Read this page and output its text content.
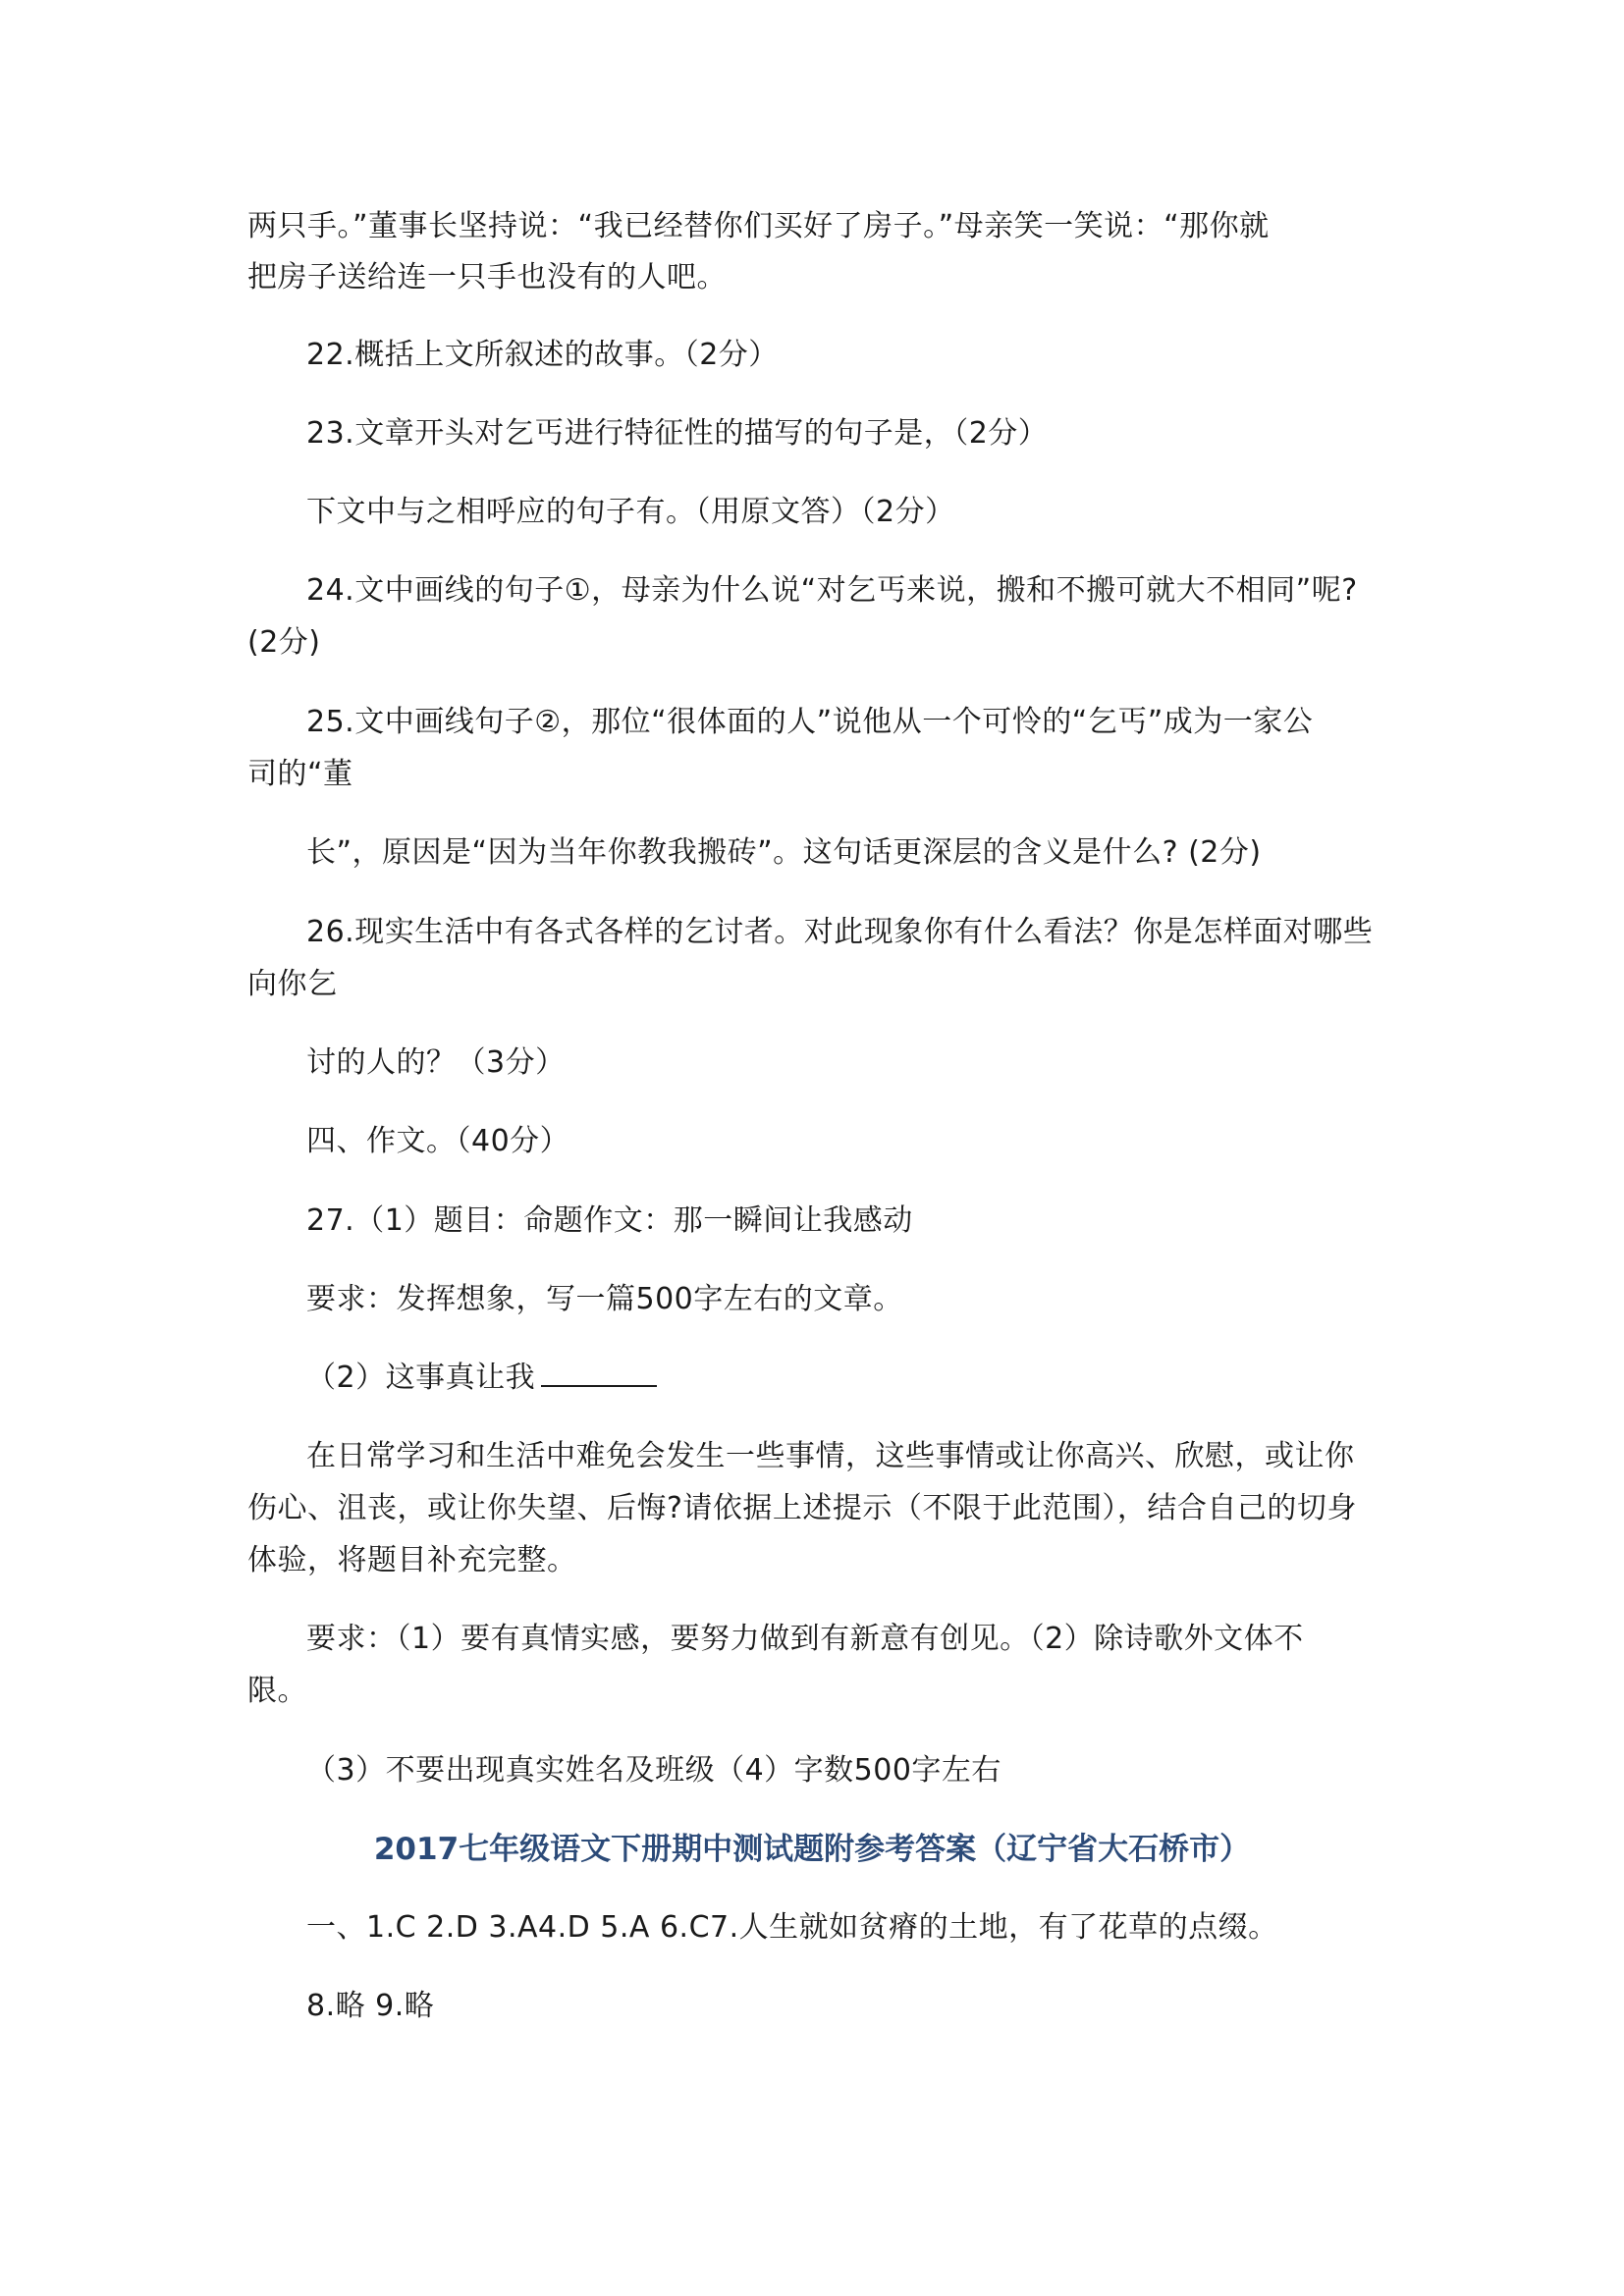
两只手。”董事长坚持说：“我已经替你们买好了房子。”母亲笑一笑说：“那你就
把房子送给连一只手也没有的人吧。
22.概括上文所叙述的故事。（2分）
23.文章开头对乞丐进行特征性的描写的句子是，（2分）
下文中与之相呼应的句子有。（用原文答）（2分）
24.文中画线的句子①，母亲为什么说“对乞丐来说，搬和不搬可就大不相同”呢?
(2分)
25.文中画线句子②，那位“很体面的人”说他从一个可怜的“乞丐”成为一家公
司的“董
长”，原因是“因为当年你教我搬砖”。这句话更深层的含义是什么? (2分)
26.现实生活中有各式各样的乞讨者。对此现象你有什么看法？你是怎样面对哪些
向你乞
讨的人的？（3分）
四、作文。（40分）
27.（1）题目：命题作文：那一瞬间让我感动
要求：发挥想象，写一篇500字左右的文章。
（2）这事真让我
在日常学习和生活中难免会发生一些事情，这些事情或让你高兴、欣慰，或让你
伤心、沮丧，或让你失望、后悔?请依据上述提示（不限于此范围），结合自己的切身
体验，将题目补充完整。
要求：（1）要有真情实感，要努力做到有新意有创见。（2）除诗歌外文体不
限。
（3）不要出现真实姓名及班级（4）字数500字左右
2017七年级语文下册期中测试题附参考答案（辽宁省大石桥市）
一、1.C 2.D 3.A4.D 5.A 6.C7.人生就如贫瘠的土地，有了花草的点缀。
8.略 9.略
